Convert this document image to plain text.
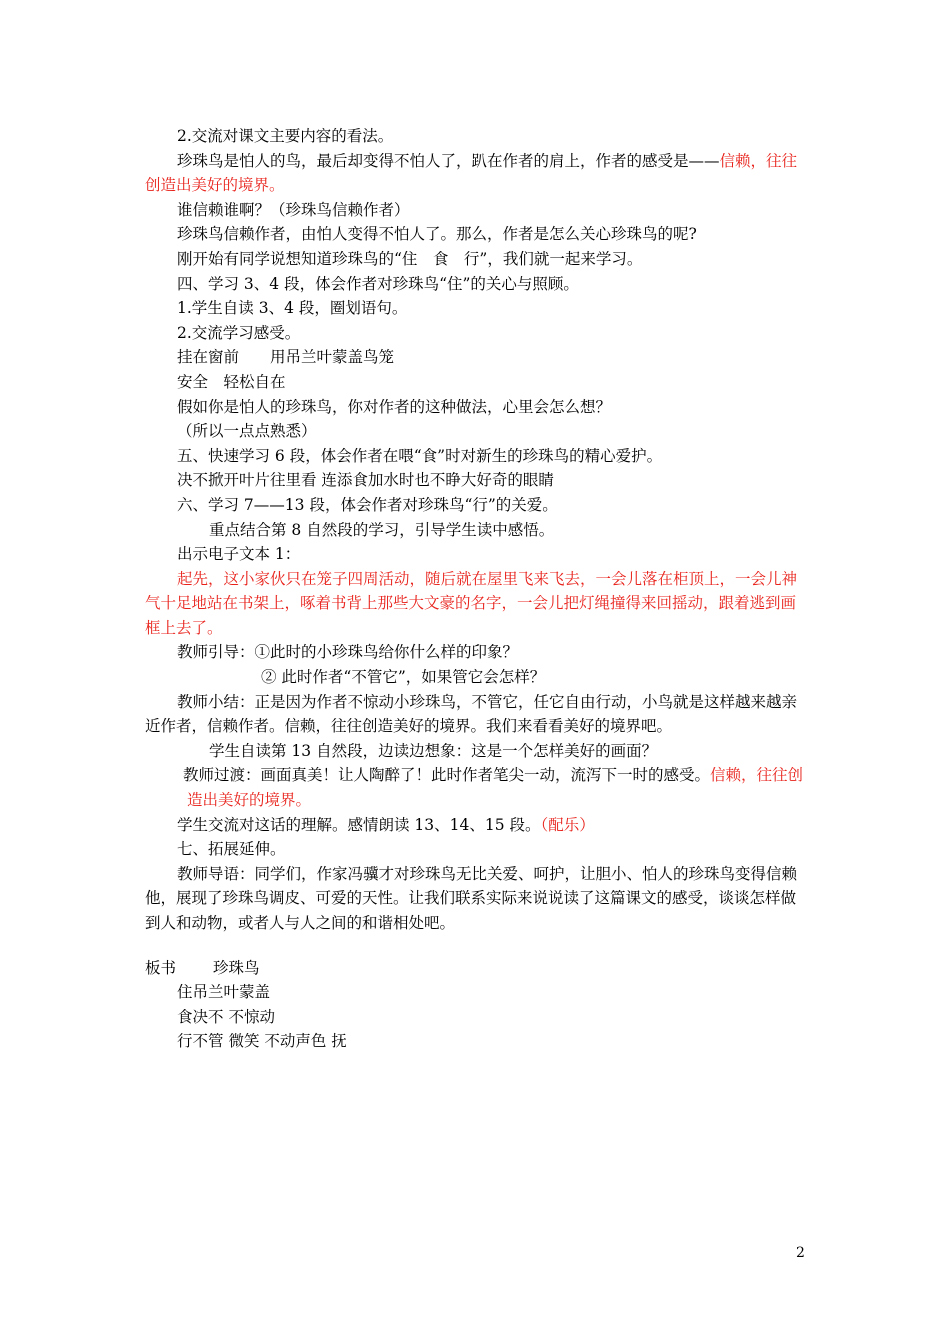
2.交流对课文主要内容的看法。

珍珠鸟是怕人的鸟，最后却变得不怕人了，趴在作者的肩上，作者的感受是——信赖，往往创造出美好的境界。

谁信赖谁啊？（珍珠鸟信赖作者）

珍珠鸟信赖作者，由怕人变得不怕人了。那么，作者是怎么关心珍珠鸟的呢?

刚开始有同学说想知道珍珠鸟的“住　食　行”，我们就一起来学习。

四、学习 3、4 段，体会作者对珍珠鸟“住”的关心与照顾。

1.学生自读 3、4 段，圈划语句。

2.交流学习感受。

挂在窗前　　用吊兰叶蒙盖鸟笼

安全　轻松自在

假如你是怕人的珍珠鸟，你对作者的这种做法，心里会怎么想？

（所以一点点熟悉）

五、快速学习 6 段，体会作者在喂“食”时对新生的珍珠鸟的精心爱护。

决不掀开叶片往里看 连添食加水时也不睁大好奇的眼睛

六、学习 7——13 段，体会作者对珍珠鸟“行”的关爱。

重点结合第 8 自然段的学习，引导学生读中感悟。

出示电子文本 1：

起先，这小家伙只在笼子四周活动，随后就在屋里飞来飞去，一会儿落在柜顶上，一会儿神气十足地站在书架上，啄着书背上那些大文豪的名字，一会儿把灯绳撞得来回摇动，跟着逃到画框上去了。

教师引导：①此时的小珍珠鸟给你什么样的印象？

② 此时作者“不管它”，如果管它会怎样？

教师小结：正是因为作者不惊动小珍珠鸟，不管它，任它自由行动，小鸟就是这样越来越亲近作者，信赖作者。信赖，往往创造美好的境界。我们来看看美好的境界吧。

学生自读第 13 自然段，边读边想象：这是一个怎样美好的画面？

教师过渡：画面真美！让人陶醉了！此时作者笔尖一动，流泻下一时的感受。信赖，往往创造出美好的境界。

学生交流对这话的理解。感情朗读 13、14、15 段。（配乐）

七、拓展延伸。

教师导语：同学们，作家冯骥才对珍珠鸟无比关爱、呵护，让胆小、怕人的珍珠鸟变得信赖他，展现了珍珠鸟调皮、可爱的天性。让我们联系实际来说说读了这篇课文的感受，谈谈怎样做到人和动物，或者人与人之间的和谐相处吧。

板书	珍珠鸟

住吊兰叶蒙盖

食决不 不惊动

行不管 微笑 不动声色 抚

2
